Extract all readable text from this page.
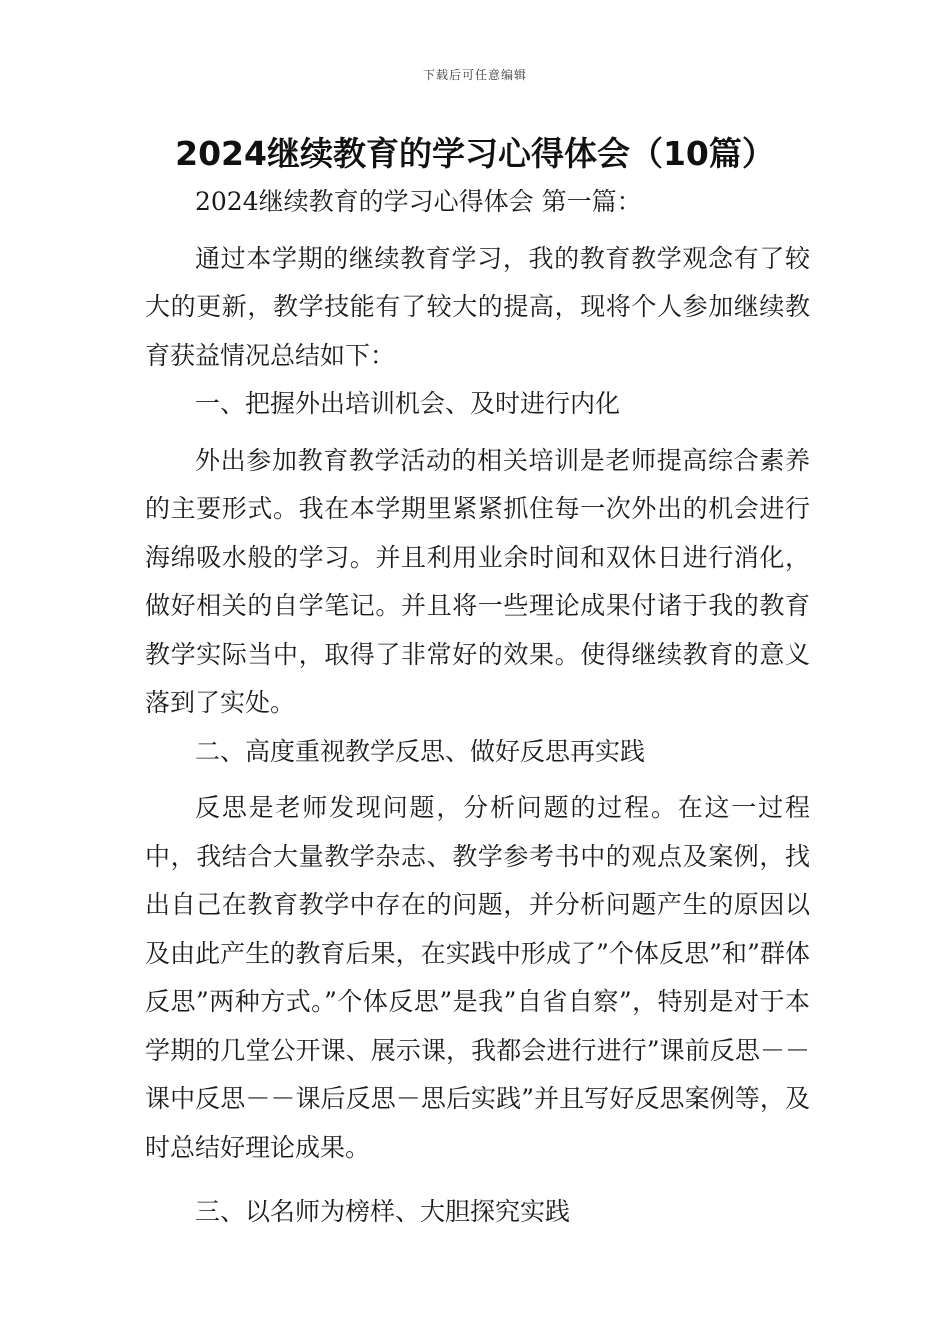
下载后可任意编辑
2024继续教育的学习心得体会（10篇）

2024继续教育的学习心得体会 第一篇：

通过本学期的继续教育学习，我的教育教学观念有了较大的更新，教学技能有了较大的提高，现将个人参加继续教育获益情况总结如下：

一、把握外出培训机会、及时进行内化

外出参加教育教学活动的相关培训是老师提高综合素养的主要形式。我在本学期里紧紧抓住每一次外出的机会进行海绵吸水般的学习。并且利用业余时间和双休日进行消化，做好相关的自学笔记。并且将一些理论成果付诸于我的教育教学实际当中，取得了非常好的效果。使得继续教育的意义落到了实处。

二、高度重视教学反思、做好反思再实践

反思是老师发现问题，分析问题的过程。在这一过程中，我结合大量教学杂志、教学参考书中的观点及案例，找出自己在教育教学中存在的问题，并分析问题产生的原因以及由此产生的教育后果，在实践中形成了”个体反思”和”群体反思”两种方式。”个体反思”是我”自省自察”，特别是对于本学期的几堂公开课、展示课，我都会进行进行”课前反思－－课中反思－－课后反思－思后实践”并且写好反思案例等，及时总结好理论成果。

三、以名师为榜样、大胆探究实践
